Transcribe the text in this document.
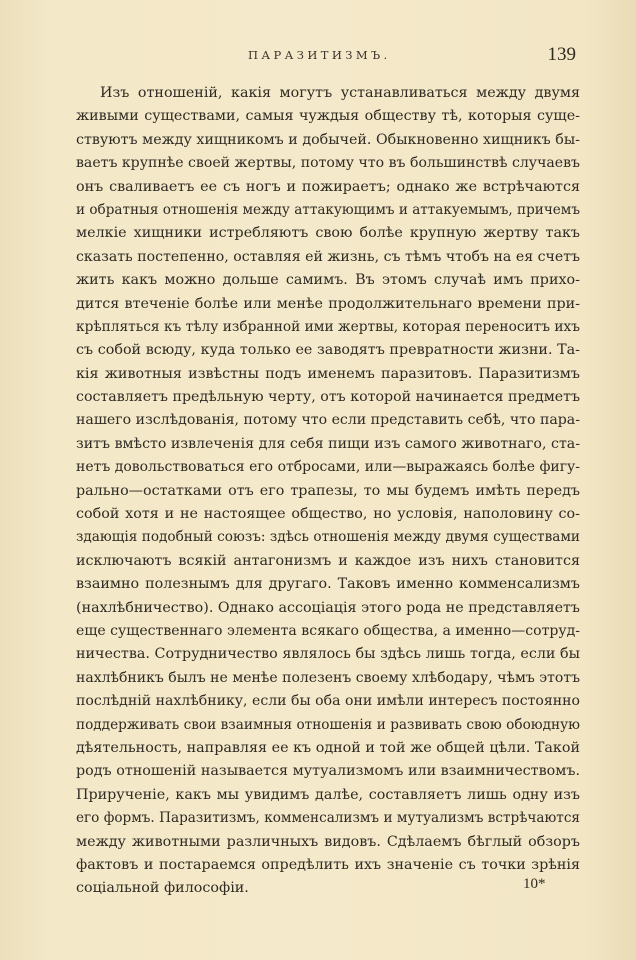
ПАРАЗИТИЗМЪ.	139
Изъ отношенiй, какiя могутъ устанавливаться между двумя
живыми существами, самыя чуждыя обществу тѣ, которыя суще-
ствуютъ между хищникомъ и добычей. Обыкновенно хищникъ бы-
ваетъ крупнѣе своей жертвы, потому что въ большинствѣ случаевъ
онъ сваливаетъ ее съ ногъ и пожираетъ; однако же встрѣчаются
и обратныя отношенiя между аттакующимъ и аттакуемымъ, причемъ
мелкiе хищники истребляютъ свою болѣе крупную жертву такъ
сказать постепенно, оставляя ей жизнь, съ тѣмъ чтобъ на ея счетъ
жить какъ можно дольше самимъ. Въ этомъ случаѣ имъ прихо-
дится втеченiе болѣе или менѣе продолжительнаго времени при-
крѣпляться къ тѣлу избранной ими жертвы, которая переноситъ ихъ
съ собой всюду, куда только ее заводятъ превратности жизни. Та-
кiя животныя извѣстны подъ именемъ паразитовъ. Паразитизмъ
составляетъ предѣльную черту, отъ которой начинается предметъ
нашего изслѣдованiя, потому что если представить себѣ, что пара-
зитъ вмѣсто извлеченiя для себя пищи изъ самого животнаго, ста-
нетъ довольствоваться его отбросами, или—выражаясь болѣе фигу-
рально—остатками отъ его трапезы, то мы будемъ имѣть передъ
собой хотя и не настоящее общество, но условiя, наполовину со-
здающiя подобный союзъ: здѣсь отношенiя между двумя существами
исключаютъ всякiй антагонизмъ и каждое изъ нихъ становится
взаимно полезнымъ для другаго. Таковъ именно комменсализмъ
(нахлѣбничество). Однако ассоцiацiя этого рода не представляетъ
еще существеннаго элемента всякаго общества, а именно—сотруд-
ничества. Сотрудничество являлось бы здѣсь лишь тогда, если бы
нахлѣбникъ былъ не менѣе полезенъ своему хлѣбодару, чѣмъ этотъ
послѣднiй нахлѣбнику, если бы оба они имѣли интересъ постоянно
поддерживать свои взаимныя отношенiя и развивать свою обоюдную
дѣятельность, направляя ее къ одной и той же общей цѣли. Такой
родъ отношенiй называется мутуализмомъ или взаимничествомъ.
Прирученiе, какъ мы увидимъ далѣе, составляетъ лишь одну изъ
его формъ. Паразитизмъ, комменсализмъ и мутуализмъ встрѣчаются
между животными различныхъ видовъ. Сдѣлаемъ бѣглый обзоръ
фактовъ и постараемся опредѣлить ихъ значенiе съ точки зрѣнiя
соцiальной философiи.	10*
